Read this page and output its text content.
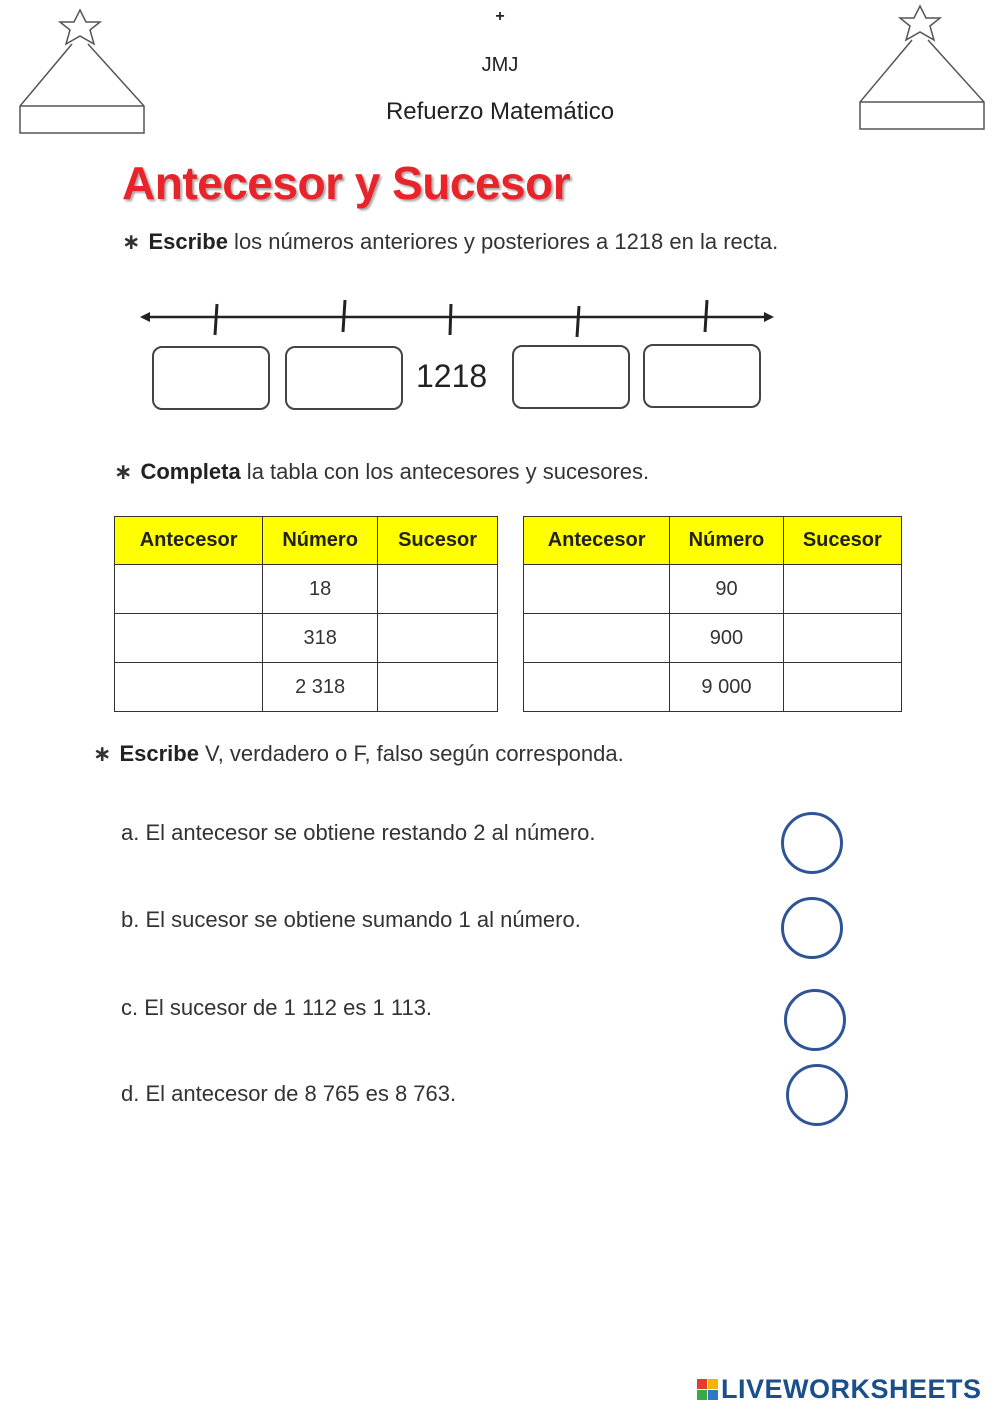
+
JMJ
Refuerzo Matemático
Antecesor y Sucesor
∗ Escribe los números anteriores y posteriores a 1218 en la recta.
1218
∗ Completa la tabla con los antecesores y sucesores.
Antecesor	Número	Sucesor
	18	
	318	
	2 318	
Antecesor	Número	Sucesor
	90	
	900	
	9 000	
∗ Escribe V, verdadero o F, falso según corresponda.
a. El antecesor se obtiene restando 2 al número.
b. El sucesor se obtiene sumando 1 al número.
c. El sucesor de 1 112 es 1 113.
d. El antecesor de 8 765 es 8 763.
LIVEWORKSHEETS
